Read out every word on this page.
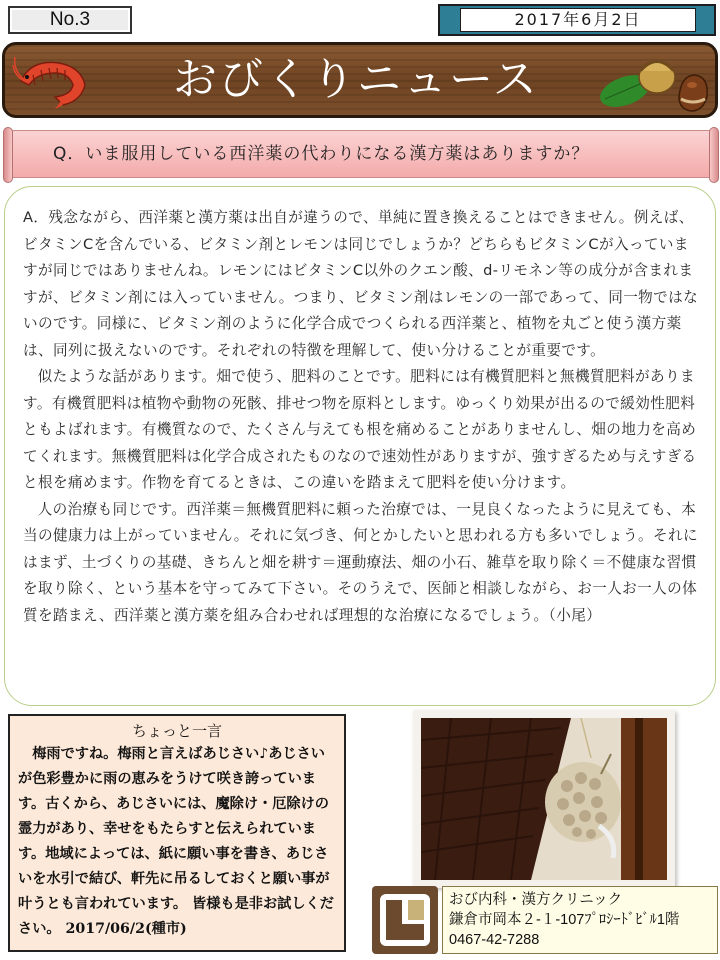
No.3	2017年6月2日
おびくりニュース
Q．いま服用している西洋薬の代わりになる漢方薬はありますか？

A．残念ながら、西洋薬と漢方薬は出自が違うので、単純に置き換えることはできません。例えば、ビタミンCを含んでいる、ビタミン剤とレモンは同じでしょうか？どちらもビタミンCが入っていますが同じではありませんね。レモンにはビタミンC以外のクエン酸、d-リモネン等の成分が含まれますが、ビタミン剤には入っていません。つまり、ビタミン剤はレモンの一部であって、同一物ではないのです。同様に、ビタミン剤のように化学合成でつくられる西洋薬と、植物を丸ごと使う漢方薬は、同列に扱えないのです。それぞれの特徴を理解して、使い分けることが重要です。

似たような話があります。畑で使う、肥料のことです。肥料には有機質肥料と無機質肥料があります。有機質肥料は植物や動物の死骸、排せつ物を原料とします。ゆっくり効果が出るので緩効性肥料ともよばれます。有機質なので、たくさん与えても根を痛めることがありませんし、畑の地力を高めてくれます。無機質肥料は化学合成されたものなので速効性がありますが、強すぎるため与えすぎると根を痛めます。作物を育てるときは、この違いを踏まえて肥料を使い分けます。

人の治療も同じです。西洋薬＝無機質肥料に頼った治療では、一見良くなったように見えても、本当の健康力は上がっていません。それに気づき、何とかしたいと思われる方も多いでしょう。それにはまず、土づくりの基礎、きちんと畑を耕す＝運動療法、畑の小石、雑草を取り除く＝不健康な習慣を取り除く、という基本を守ってみて下さい。そのうえで、医師と相談しながら、お一人お一人の体質を踏まえ、西洋薬と漢方薬を組み合わせれば理想的な治療になるでしょう。（小尾）

ちょっと一言
梅雨ですね。梅雨と言えばあじさい♪あじさいが色彩豊かに雨の恵みをうけて咲き誇っています。古くから、あじさいには、魔除け・厄除けの霊力があり、幸せをもたらすと伝えられています。地域によっては、紙に願い事を書き、あじさいを水引で結び、軒先に吊るしておくと願い事が叶うとも言われています。 皆様も是非お試しください。 2017/06/2(種市)
おび内科・漢方クリニック
鎌倉市岡本２-１-107ﾌﾟﾛｼｰﾄﾞﾋﾞﾙ1階
0467-42-7288
